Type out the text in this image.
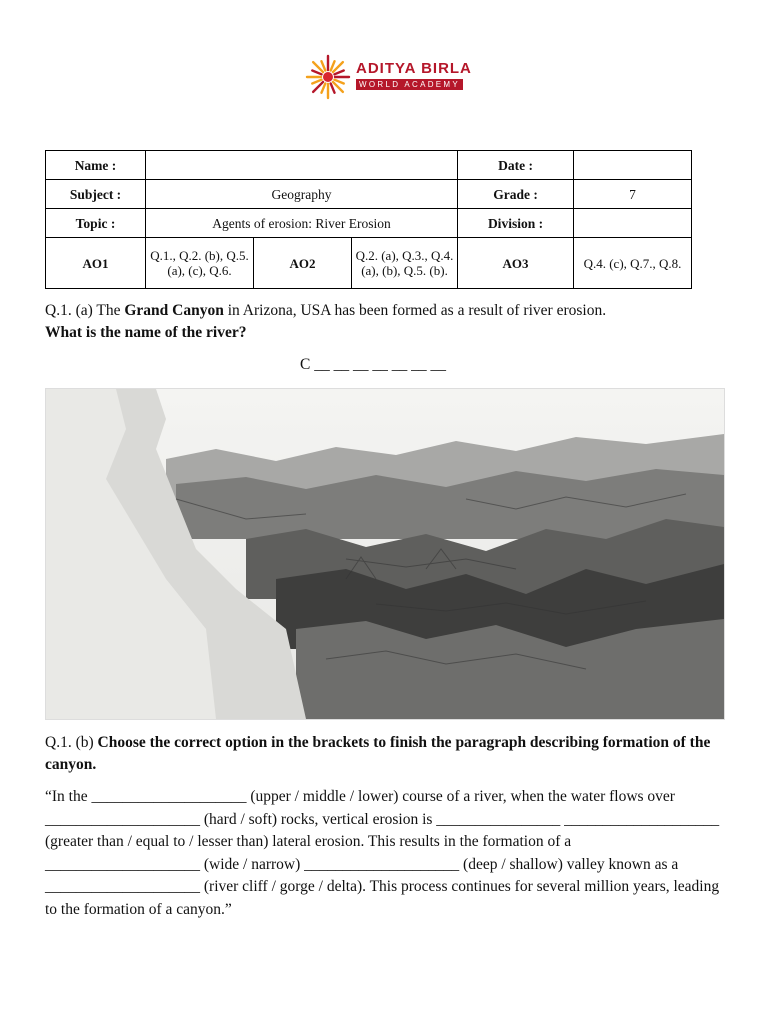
ADITYA BIRLA
WORLD ACADEMY
Name :				Date :	
Subject :	Geography			Grade :	7
Topic :	Agents of erosion: River Erosion			Division :	
AO1	Q.1., Q.2. (b), Q.5. (a), (c), Q.6.	AO2	Q.2. (a), Q.3., Q.4. (a), (b), Q.5. (b).	AO3	Q.4. (c), Q.7., Q.8.
Q.1. (a) The Grand Canyon in Arizona, USA has been formed as a result of river erosion.
What is the name of the river?
C __ __ __ __ __ __ __
Q.1. (b) Choose the correct option in the brackets to finish the paragraph describing formation of the canyon.
“In the ____________________ (upper / middle / lower) course of a river, when the water flows over ____________________ (hard / soft) rocks, vertical erosion is ________________ ____________________ (greater than / equal to / lesser than) lateral erosion. This results in the formation of a ____________________ (wide / narrow) ____________________ (deep / shallow) valley known as a ____________________ (river cliff / gorge / delta). This process continues for several million years, leading to the formation of a canyon.”
